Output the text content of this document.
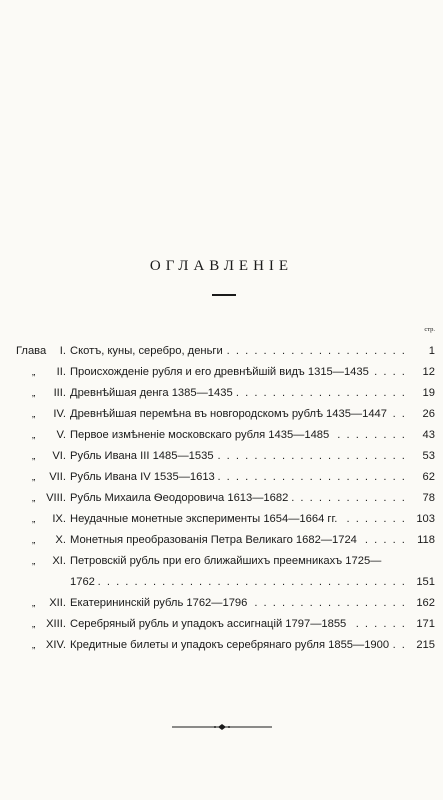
ОГЛАВЛЕНIЕ
стр.
Глава I. Скотъ, куны, серебро, деньги . . .	1
„	II. Происхожденiе рубля и его древнѣйшiй видъ 1315—1435 . . .	12
„	III. Древнѣйшая денга 1385—1435 . . .	19
„	IV. Древнѣйшая перемѣна въ новгородскомъ рублѣ 1435—1447 . . .	26
„	V. Первое измѣненiе московскаго рубля 1435—1485 . . .	43
„	VI. Рубль Ивана III 1485—1535 . . .	53
„	VII. Рубль Ивана IV 1535—1613 . . .	62
„ VIII. Рубль Михаила Ѳеодоровича 1613—1682 . . .	78
„	IX. Неудачные монетные эксперименты 1654—1664 гг. . . .	103
„	X. Монетныя преобразованiя Петра Великаго 1682—1724 . . .	118
„	XI. Петровскiй рубль при его ближайшихъ преемникахъ 1725—
1762 . . .	151
„	XII. Екатерининскiй рубль 1762—1796 . . .	162
„ XIII. Серебряный рубль и упадокъ ассигнацiй 1797—1855 . . .	171
„ XIV. Кредитные билеты и упадокъ серебрянаго рубля 1855—1900 . . .	215
